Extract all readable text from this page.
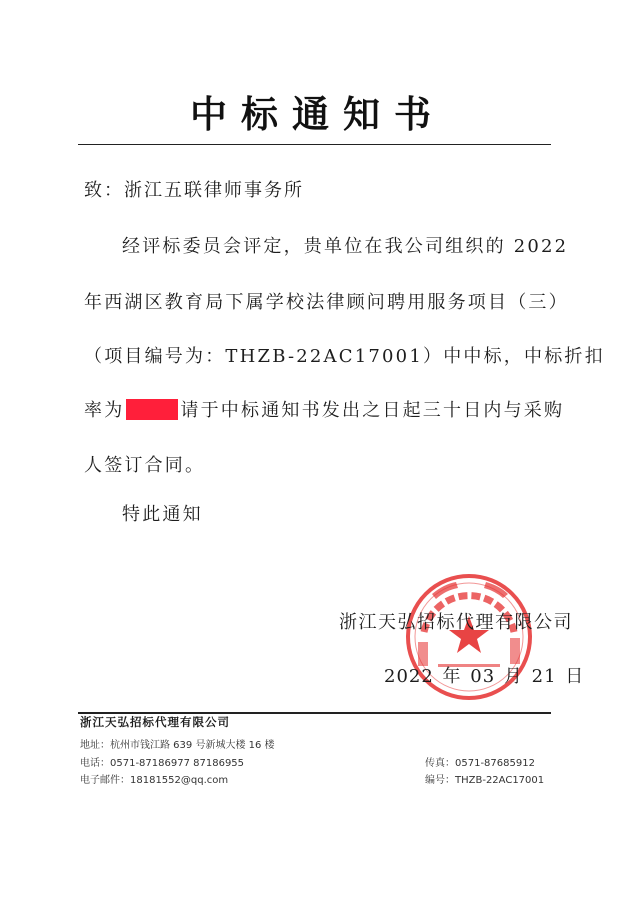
中标通知书
致：浙江五联律师事务所
经评标委员会评定，贵单位在我公司组织的 2022
年西湖区教育局下属学校法律顾问聘用服务项目（三）
（项目编号为：THZB-22AC17001）中中标，中标折扣
率为	请于中标通知书发出之日起三十日内与采购
人签订合同。
特此通知
浙江天弘招标代理有限公司
2022 年 03 月 21 日
浙江天弘招标代理有限公司
地址：杭州市钱江路 639 号新城大楼 16 楼
电话：0571-87186977 87186955
电子邮件：18181552@qq.com
传真：0571-87685912
编号：THZB-22AC17001
